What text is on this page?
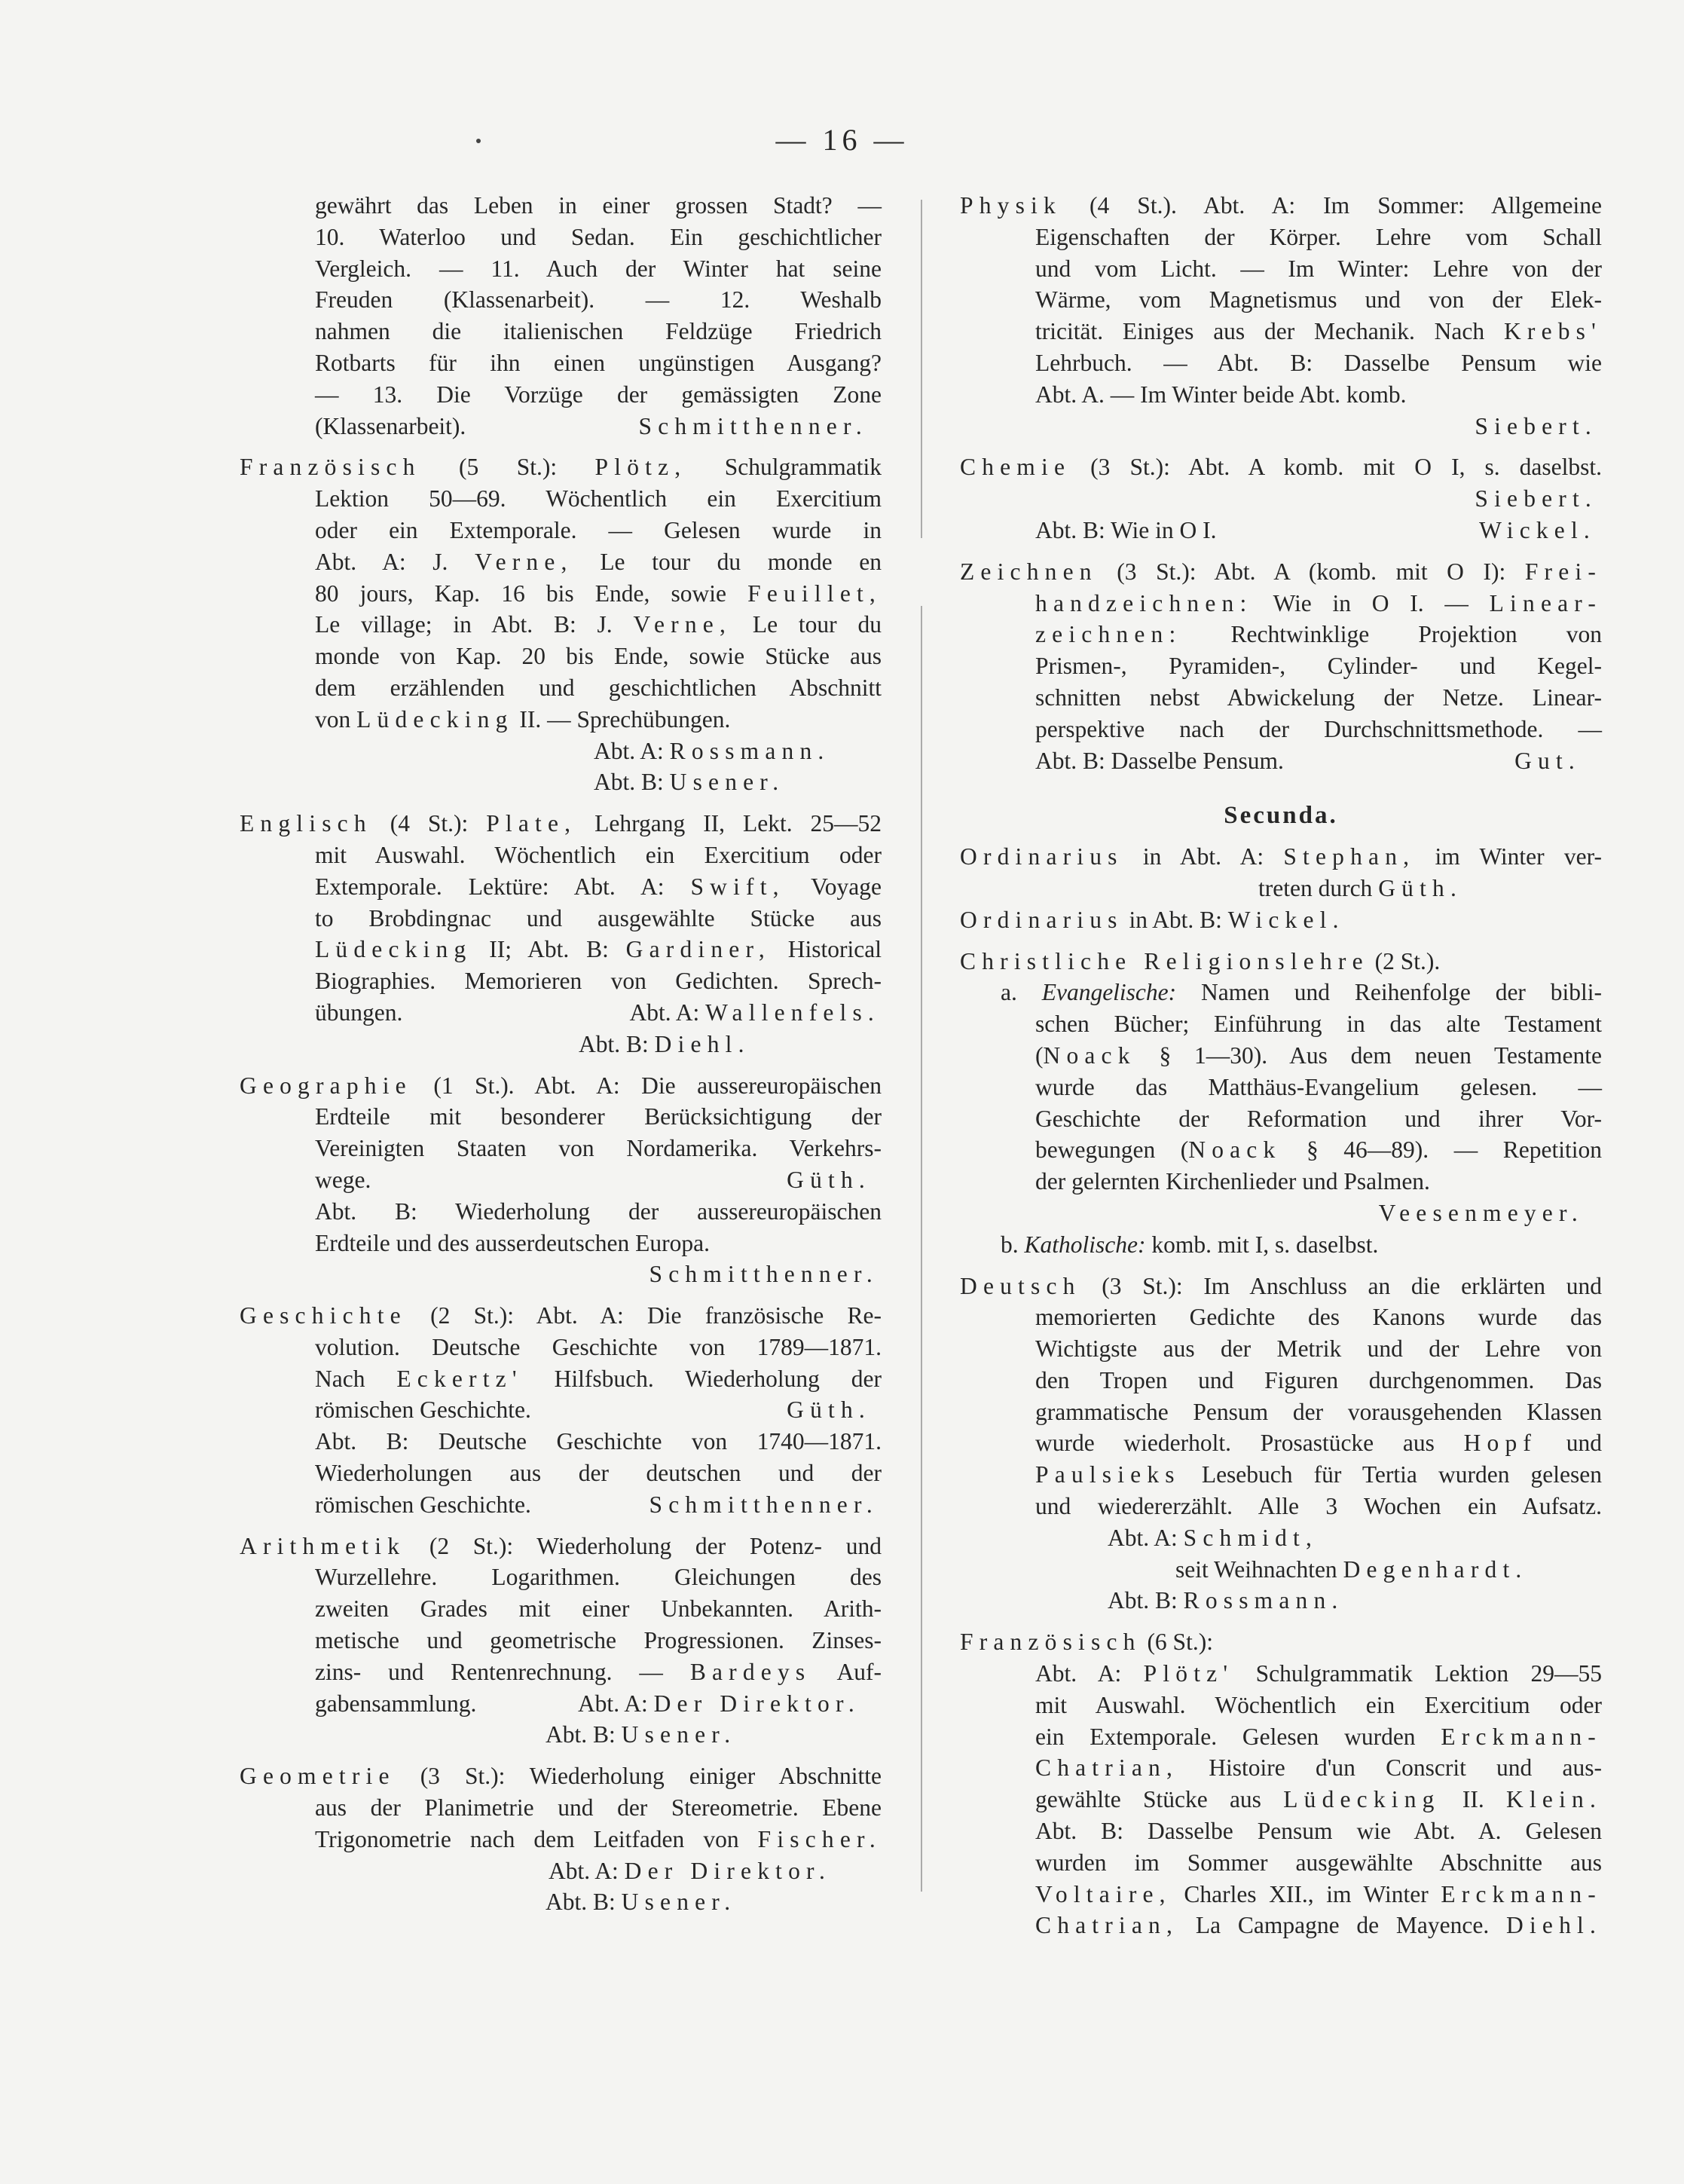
— 16 —
gewährt das Leben in einer grossen Stadt? —
10. Waterloo und Sedan. Ein geschichtlicher
Vergleich. — 11. Auch der Winter hat seine
Freuden (Klassenarbeit). — 12. Weshalb
nahmen die italienischen Feldzüge Friedrich
Rotbarts für ihn einen ungünstigen Ausgang?
— 13. Die Vorzüge der gemässigten Zone
(Klassenarbeit).	Schmitthenner.
Französisch (5 St.): Plötz, Schulgrammatik
Lektion 50—69. Wöchentlich ein Exercitium
oder ein Extemporale. — Gelesen wurde in
Abt. A: J. Verne, Le tour du monde en
80 jours, Kap. 16 bis Ende, sowie Feuillet,
Le village; in Abt. B: J. Verne, Le tour du
monde von Kap. 20 bis Ende, sowie Stücke aus
dem erzählenden und geschichtlichen Abschnitt
von Lüdecking II. — Sprechübungen.
Abt. A: Rossmann.
Abt. B: Usener.
Englisch (4 St.): Plate, Lehrgang II, Lekt. 25—52
mit Auswahl. Wöchentlich ein Exercitium oder
Extemporale. Lektüre: Abt. A: Swift, Voyage
to Brobdingnac und ausgewählte Stücke aus
Lüdecking II; Abt. B: Gardiner, Historical
Biographies. Memorieren von Gedichten. Sprech-
übungen.	Abt. A: Wallenfels.
Abt. B: Diehl.
Geographie (1 St.). Abt. A: Die aussereuropäischen
Erdteile mit besonderer Berücksichtigung der
Vereinigten Staaten von Nordamerika. Verkehrs-
wege.	Güth.
Abt. B: Wiederholung der aussereuropäischen
Erdteile und des ausserdeutschen Europa.
Schmitthenner.
Geschichte (2 St.): Abt. A: Die französische Re-
volution. Deutsche Geschichte von 1789—1871.
Nach Eckertz' Hilfsbuch. Wiederholung der
römischen Geschichte.	Güth.
Abt. B: Deutsche Geschichte von 1740—1871.
Wiederholungen aus der deutschen und der
römischen Geschichte.	Schmitthenner.
Arithmetik (2 St.): Wiederholung der Potenz- und
Wurzellehre. Logarithmen. Gleichungen des
zweiten Grades mit einer Unbekannten. Arith-
metische und geometrische Progressionen. Zinses-
zins- und Rentenrechnung. — Bardeys Auf-
gabensammlung.	Abt. A: Der Direktor.
Abt. B: Usener.
Geometrie (3 St.): Wiederholung einiger Abschnitte
aus der Planimetrie und der Stereometrie. Ebene
Trigonometrie nach dem Leitfaden von Fischer.
Abt. A: Der Direktor.
Abt. B: Usener.
Physik (4 St.). Abt. A: Im Sommer: Allgemeine
Eigenschaften der Körper. Lehre vom Schall
und vom Licht. — Im Winter: Lehre von der
Wärme, vom Magnetismus und von der Elek-
tricität. Einiges aus der Mechanik. Nach Krebs'
Lehrbuch. — Abt. B: Dasselbe Pensum wie
Abt. A. — Im Winter beide Abt. komb.
Siebert.
Chemie (3 St.): Abt. A komb. mit O I, s. daselbst.
Siebert.
Abt. B: Wie in O I.	Wickel.
Zeichnen (3 St.): Abt. A (komb. mit O I): Frei-
handzeichnen: Wie in O I. — Linear-
zeichnen: Rechtwinklige Projektion von
Prismen-, Pyramiden-, Cylinder- und Kegel-
schnitten nebst Abwickelung der Netze. Linear-
perspektive nach der Durchschnittsmethode. —
Abt. B: Dasselbe Pensum.	Gut.
Secunda.
Ordinarius in Abt. A: Stephan, im Winter ver-
treten durch Güth.
Ordinarius in Abt. B: Wickel.
Christliche Religionslehre (2 St.).
a. Evangelische: Namen und Reihenfolge der bibli-
schen Bücher; Einführung in das alte Testament
(Noack § 1—30). Aus dem neuen Testamente
wurde das Matthäus-Evangelium gelesen. —
Geschichte der Reformation und ihrer Vor-
bewegungen (Noack § 46—89). — Repetition
der gelernten Kirchenlieder und Psalmen.
Veesenmeyer.
b. Katholische: komb. mit I, s. daselbst.
Deutsch (3 St.): Im Anschluss an die erklärten und
memorierten Gedichte des Kanons wurde das
Wichtigste aus der Metrik und der Lehre von
den Tropen und Figuren durchgenommen. Das
grammatische Pensum der vorausgehenden Klassen
wurde wiederholt. Prosastücke aus Hopf und
Paulsieks Lesebuch für Tertia wurden gelesen
und wiedererzählt. Alle 3 Wochen ein Aufsatz.
Abt. A: Schmidt,
seit Weihnachten Degenhardt.
Abt. B: Rossmann.
Französisch (6 St.):
Abt. A: Plötz' Schulgrammatik Lektion 29—55
mit Auswahl. Wöchentlich ein Exercitium oder
ein Extemporale. Gelesen wurden Erckmann-
Chatrian, Histoire d'un Conscrit und aus-
gewählte Stücke aus Lüdecking II. Klein.
Abt. B: Dasselbe Pensum wie Abt. A. Gelesen
wurden im Sommer ausgewählte Abschnitte aus
Voltaire, Charles XII., im Winter Erckmann-
Chatrian, La Campagne de Mayence. Diehl.
